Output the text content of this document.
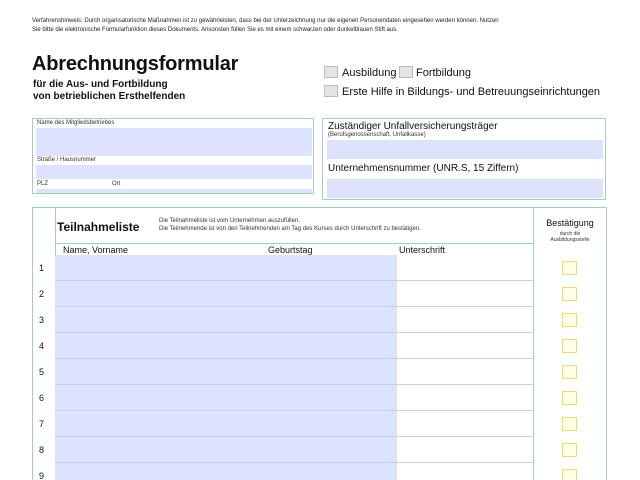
Verfahrenshinweis: Durch organisatorische Maßnahmen ist zu gewährleisten, dass bei der Unterzeichnung nur die eigenen Personendaten eingesehen werden können. Nutzen
Sie bitte die elektronische Formularfunktion dieses Dokuments. Ansonsten füllen Sie es mit einem schwarzen oder dunkelblauen Stift aus.
Abrechnungsformular
für die Aus- und Fortbildung
von betrieblichen Ersthelfenden
Ausbildung Fortbildung
Erste Hilfe in Bildungs- und Betreuungseinrichtungen
Name des Mitgliedsbetriebes
Straße / Hausnummer
PLZ	Ort
Zuständiger Unfallversicherungsträger
(Berufsgenossenschaft, Unfallkasse)
Unternehmensnummer (UNR.S, 15 Ziffern)
Teilnahmeliste	Die Teilnahmeliste ist vom Unternehmen auszufüllen.
Die Teilnehmende ist von den Teilnehmenden am Tag des Kurses durch Unterschrift zu bestätigen.
Bestätigung
durch die
Ausbildungsstelle
Name, Vorname	Geburtstag	Unterschrift
1
2
3
4
5
6
7
8
9
